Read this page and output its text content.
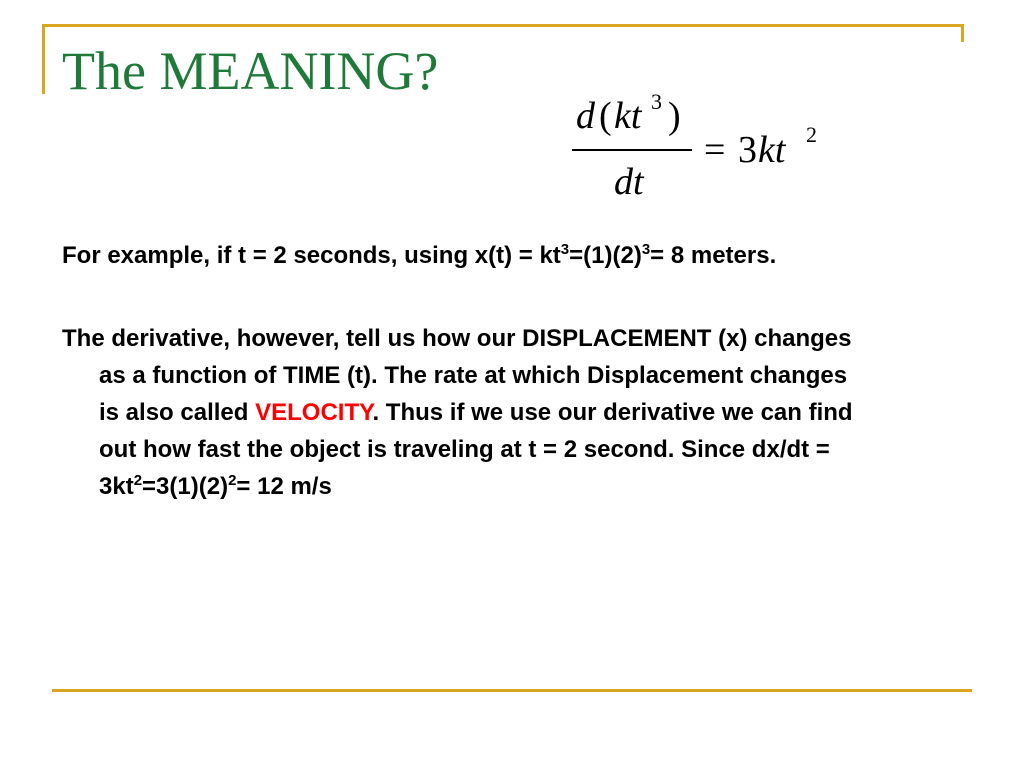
The MEANING?
d ( kt 3 )
dt
= 3 kt 2

For example, if t = 2 seconds, using $x(t) = kt^3=(1)(2)^3= 8$ meters.

The derivative, however, tell us how our DISPLACEMENT (x) changes as a function of TIME (t). The rate at which Displacement changes is also called VELOCITY. Thus if we use our derivative we can find out how fast the object is traveling at t = 2 second. Since $dx/dt = 3kt^2=3(1)(2)^2= 12$ m/s
